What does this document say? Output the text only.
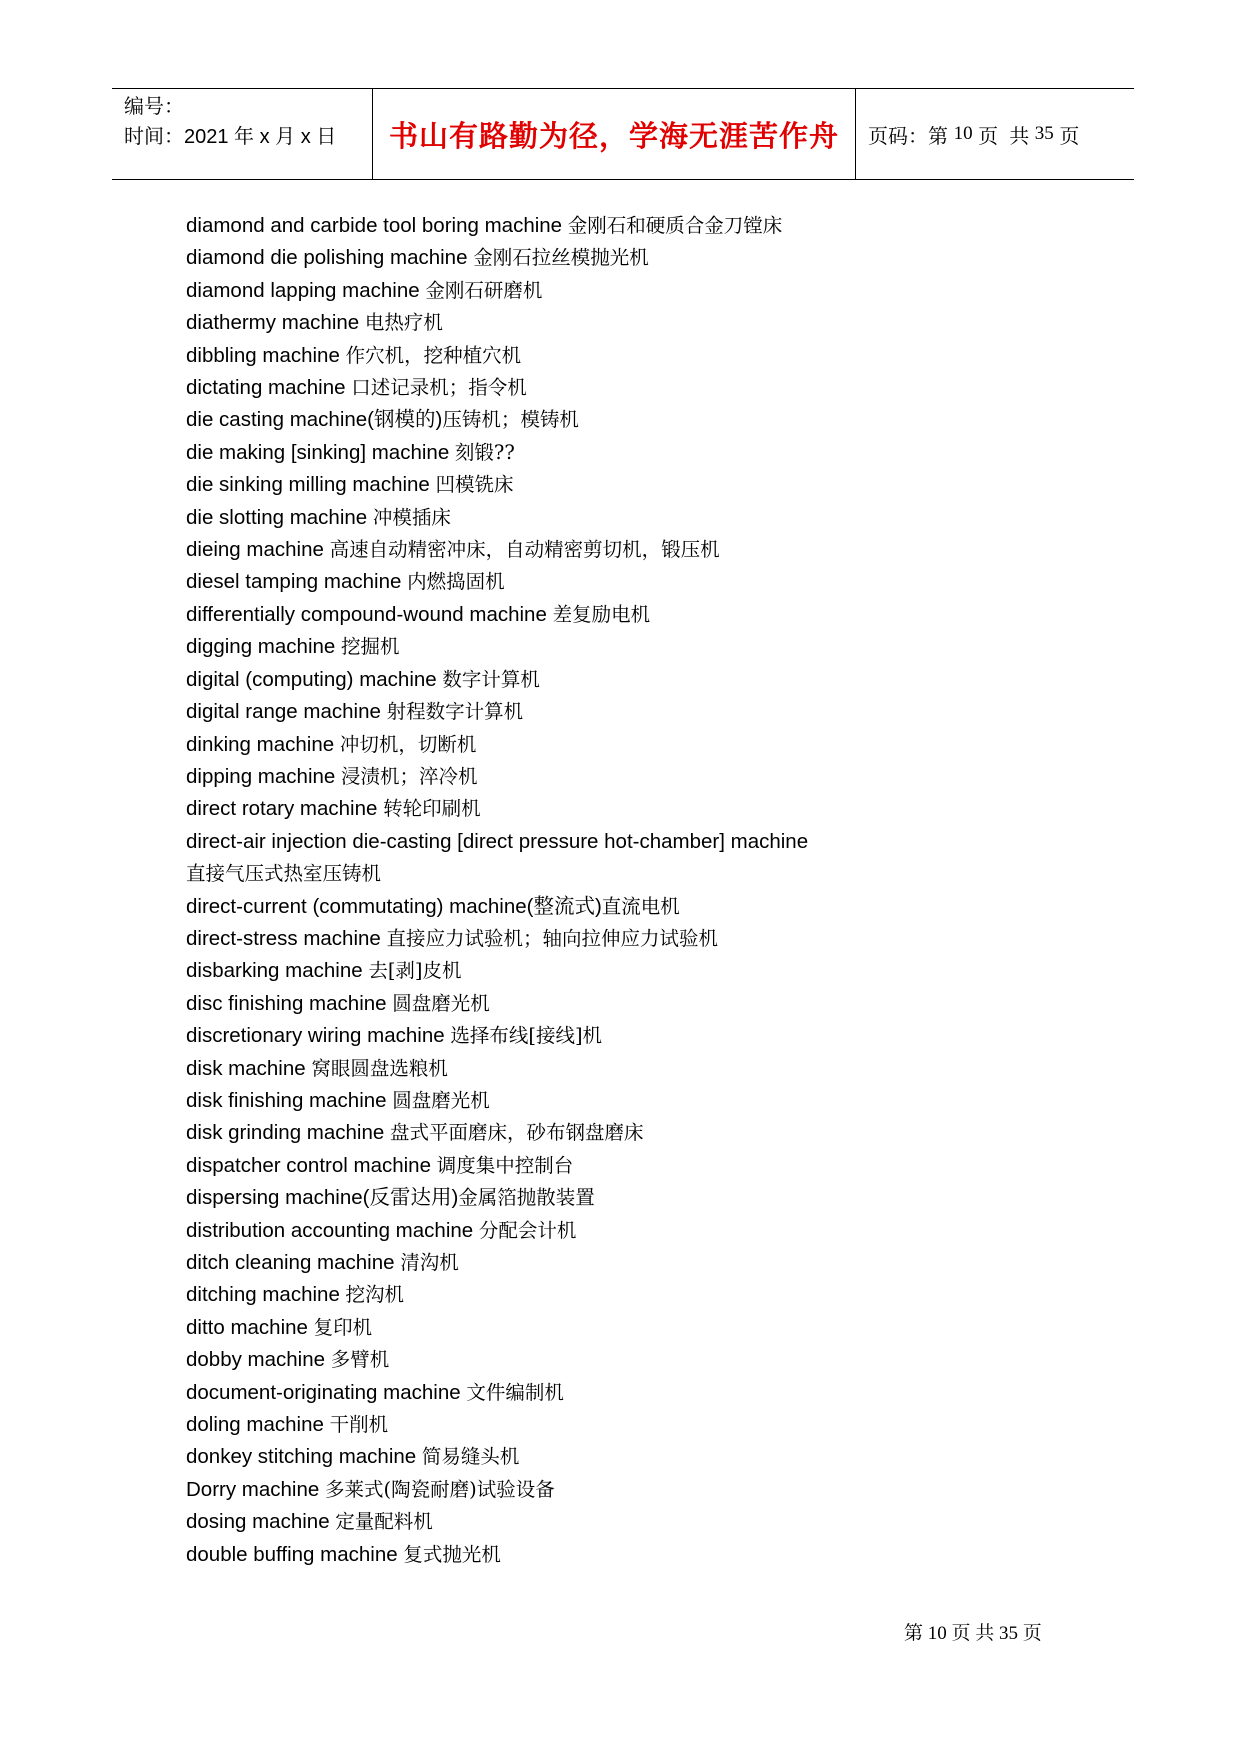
编号：
时间：2021 年 x 月 x 日	书山有路勤为径，学海无涯苦作舟	页码：第 10 页  共 35 页
diamond and carbide tool boring machine 金刚石和硬质合金刀镗床
diamond die polishing machine 金刚石拉丝模抛光机
diamond lapping machine 金刚石研磨机
diathermy machine 电热疗机
dibbling machine 作穴机，挖种植穴机
dictating machine 口述记录机；指令机
die casting machine(钢模的)压铸机；模铸机
die making [sinking] machine 刻锻??
die sinking milling machine 凹模铣床
die slotting machine 冲模插床
dieing machine 高速自动精密冲床，自动精密剪切机，锻压机
diesel tamping machine 内燃捣固机
differentially compound-wound machine 差复励电机
digging machine 挖掘机
digital (computing) machine 数字计算机
digital range machine 射程数字计算机
dinking machine 冲切机，切断机
dipping machine 浸渍机；淬冷机
direct rotary machine 转轮印刷机
direct-air injection die-casting [direct pressure hot-chamber] machine
直接气压式热室压铸机
direct-current (commutating) machine(整流式)直流电机
direct-stress machine 直接应力试验机；轴向拉伸应力试验机
disbarking machine 去[剥]皮机
disc finishing machine 圆盘磨光机
discretionary wiring machine 选择布线[接线]机
disk machine 窝眼圆盘选粮机
disk finishing machine 圆盘磨光机
disk grinding machine 盘式平面磨床，砂布钢盘磨床
dispatcher control machine 调度集中控制台
dispersing machine(反雷达用)金属箔抛散装置
distribution accounting machine 分配会计机
ditch cleaning machine 清沟机
ditching machine 挖沟机
ditto machine 复印机
dobby machine 多臂机
document-originating machine 文件编制机
doling machine 干削机
donkey stitching machine 简易缝头机
Dorry machine 多莱式(陶瓷耐磨)试验设备
dosing machine 定量配料机
double buffing machine 复式抛光机
第 10 页 共 35 页
